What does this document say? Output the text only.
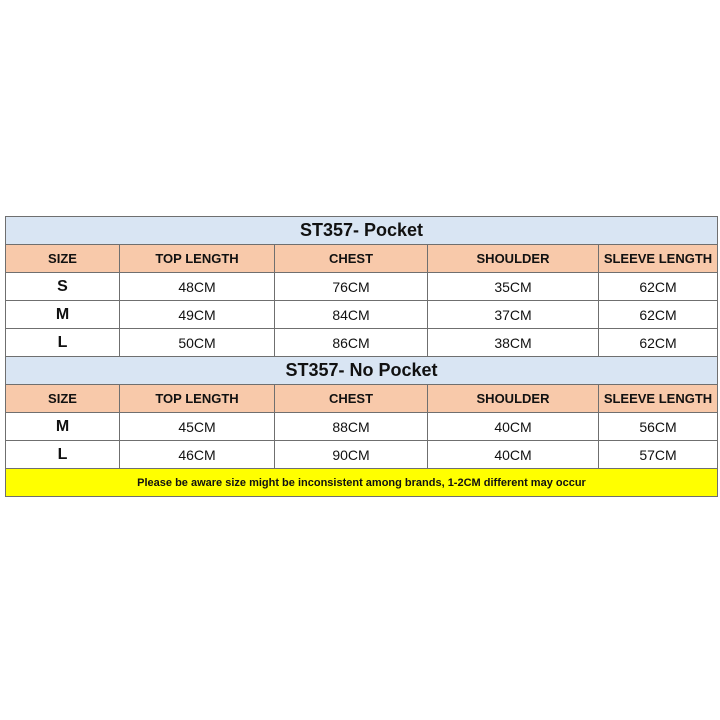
ST357- Pocket				
SIZE	TOP LENGTH	CHEST	SHOULDER	SLEEVE LENGTH
S	48CM	76CM	35CM	62CM
M	49CM	84CM	37CM	62CM
L	50CM	86CM	38CM	62CM
ST357- No Pocket				
SIZE	TOP LENGTH	CHEST	SHOULDER	SLEEVE LENGTH
M	45CM	88CM	40CM	56CM
L	46CM	90CM	40CM	57CM
Please be aware size might be inconsistent among brands, 1-2CM different may occur				
